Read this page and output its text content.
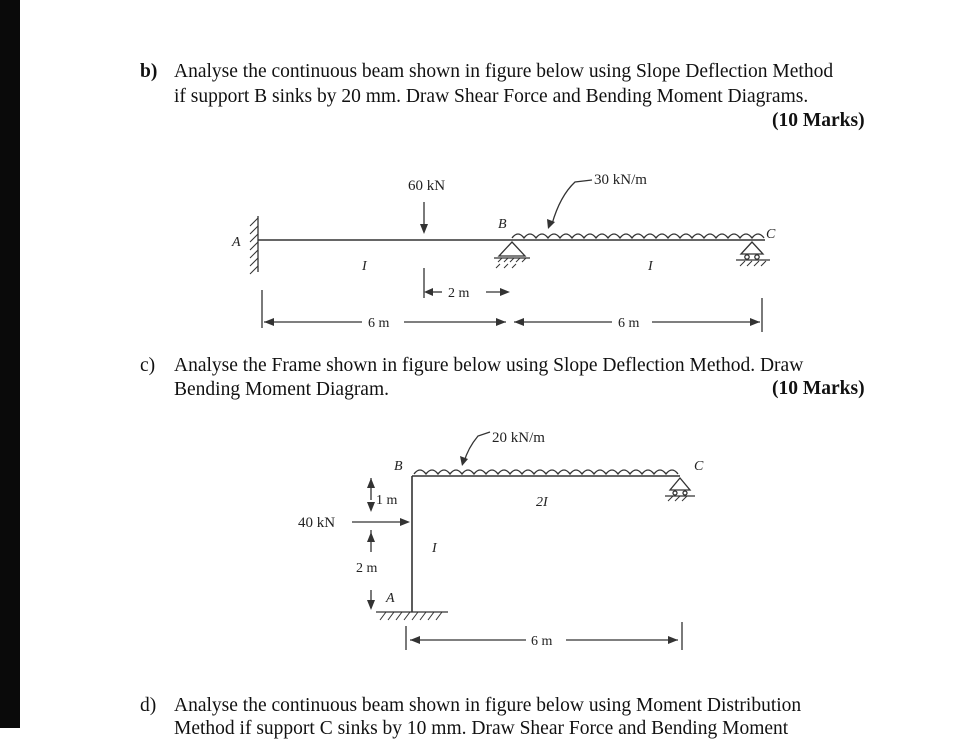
b) Analyse the continuous beam shown in figure below using Slope Deflection Method
if support B sinks by 20 mm. Draw Shear Force and Bending Moment Diagrams.
(10 Marks)
60 kN	30 kN/m
A
B
C
I	I
2 m
6 m	6 m
c) Analyse the Frame shown in figure below using Slope Deflection Method. Draw
Bending Moment Diagram.	(10 Marks)
20 kN/m
B	C
A
2I
I
40 kN
1 m
2 m
6 m
d) Analyse the continuous beam shown in figure below using Moment Distribution
Method if support C sinks by 10 mm. Draw Shear Force and Bending Moment
